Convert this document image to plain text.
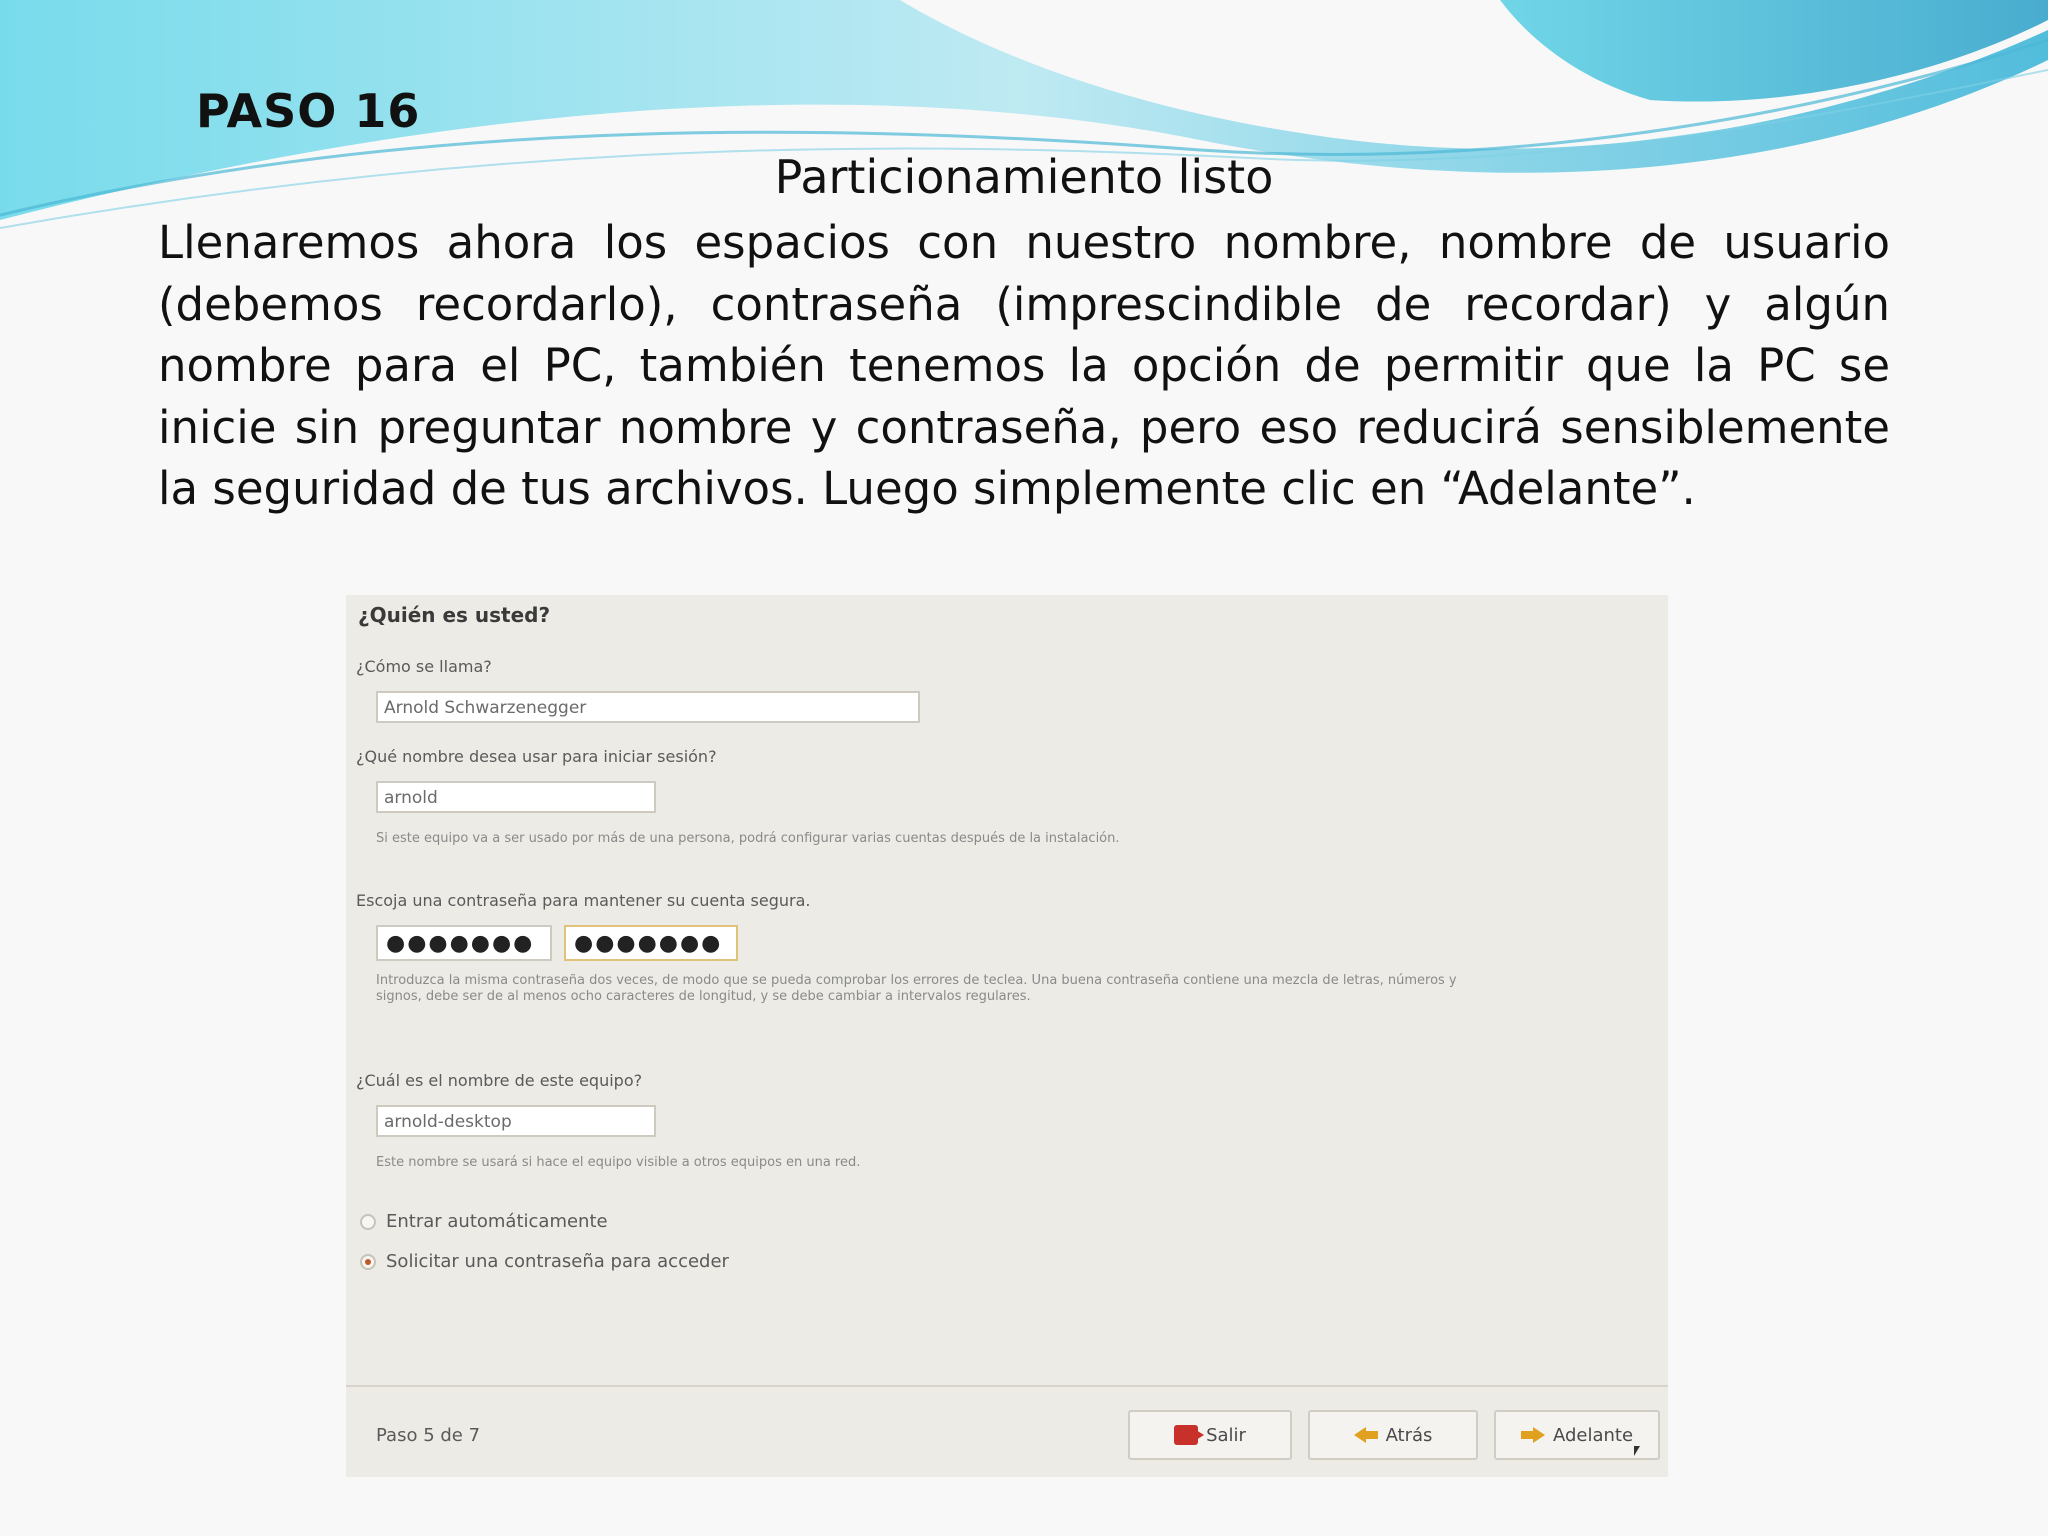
PASO 16
Particionamiento listo
Llenaremos ahora los espacios con nuestro nombre, nombre de usuario (debemos recordarlo), contraseña (imprescindible de recordar) y algún nombre para el PC, también tenemos la opción de permitir que la PC se inicie sin preguntar nombre y contraseña, pero eso reducirá sensiblemente la seguridad de tus archivos. Luego simplemente clic en “Adelante”.
¿Quién es usted?
¿Cómo se llama?
Arnold Schwarzenegger
¿Qué nombre desea usar para iniciar sesión?
arnold
Si este equipo va a ser usado por más de una persona, podrá configurar varias cuentas después de la instalación.
Escoja una contraseña para mantener su cuenta segura.
●●●●●●●	●●●●●●●
Introduzca la misma contraseña dos veces, de modo que se pueda comprobar los errores de teclea. Una buena contraseña contiene una mezcla de letras, números y signos, debe ser de al menos ocho caracteres de longitud, y se debe cambiar a intervalos regulares.
¿Cuál es el nombre de este equipo?
arnold-desktop
Este nombre se usará si hace el equipo visible a otros equipos en una red.
Entrar automáticamente
Solicitar una contraseña para acceder
Paso 5 de 7	Salir	Atrás	Adelante
